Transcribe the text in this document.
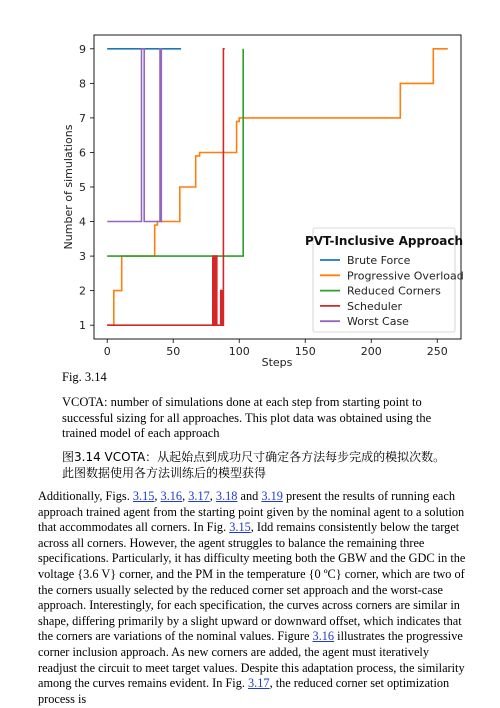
1
2
3
4
5
6
7
8
9
0	50	100	150	200	250
Steps
Number of simulations	PVT-Inclusive Approach
Brute Force
Progressive Overload
Reduced Corners
Scheduler
Worst Case
Fig. 3.14
VCOTA: number of simulations done at each step from starting point to successful sizing for all approaches. This plot data was obtained using the trained model of each approach
图3.14 VCOTA：从起始点到成功尺寸确定各方法每步完成的模拟次数。
此图数据使用各方法训练后的模型获得
Additionally, Figs. 3.15, 3.16, 3.17, 3.18 and 3.19 present the results of running each approach trained agent from the starting point given by the nominal agent to a solution that accommodates all corners. In Fig. 3.15, Idd remains consistently below the target across all corners. However, the agent struggles to balance the remaining three specifications. Particularly, it has difficulty meeting both the GBW and the GDC in the voltage {3.6 V} corner, and the PM in the temperature {0 ºC} corner, which are two of the corners usually selected by the reduced corner set approach and the worst-case approach. Interestingly, for each specification, the curves across corners are similar in shape, differing primarily by a slight upward or downward offset, which indicates that the corners are variations of the nominal values. Figure 3.16 illustrates the progressive corner inclusion approach. As new corners are added, the agent must iteratively readjust the circuit to meet target values. Despite this adaptation process, the similarity among the curves remains evident. In Fig. 3.17, the reduced corner set optimization process is
